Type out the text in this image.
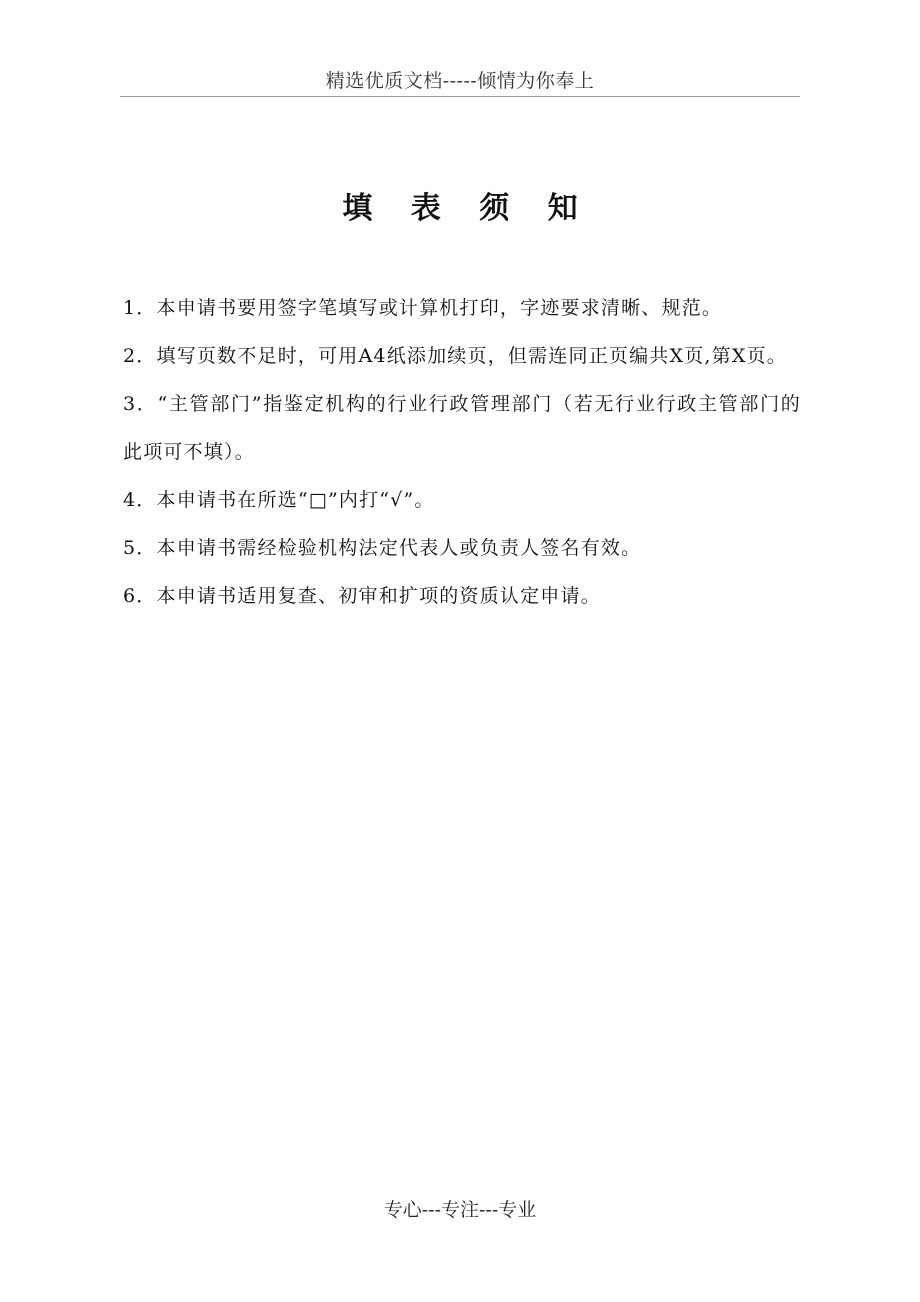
精选优质文档-----倾情为你奉上
填 表 须 知

1．本申请书要用签字笔填写或计算机打印，字迹要求清晰、规范。

2．填写页数不足时，可用A4纸添加续页，但需连同正页编共X页,第X页。

3．“主管部门”指鉴定机构的行业行政管理部门（若无行业行政主管部门的此项可不填）。

4．本申请书在所选“□”内打“√”。

5．本申请书需经检验机构法定代表人或负责人签名有效。

6．本申请书适用复查、初审和扩项的资质认定申请。

专心---专注---专业
